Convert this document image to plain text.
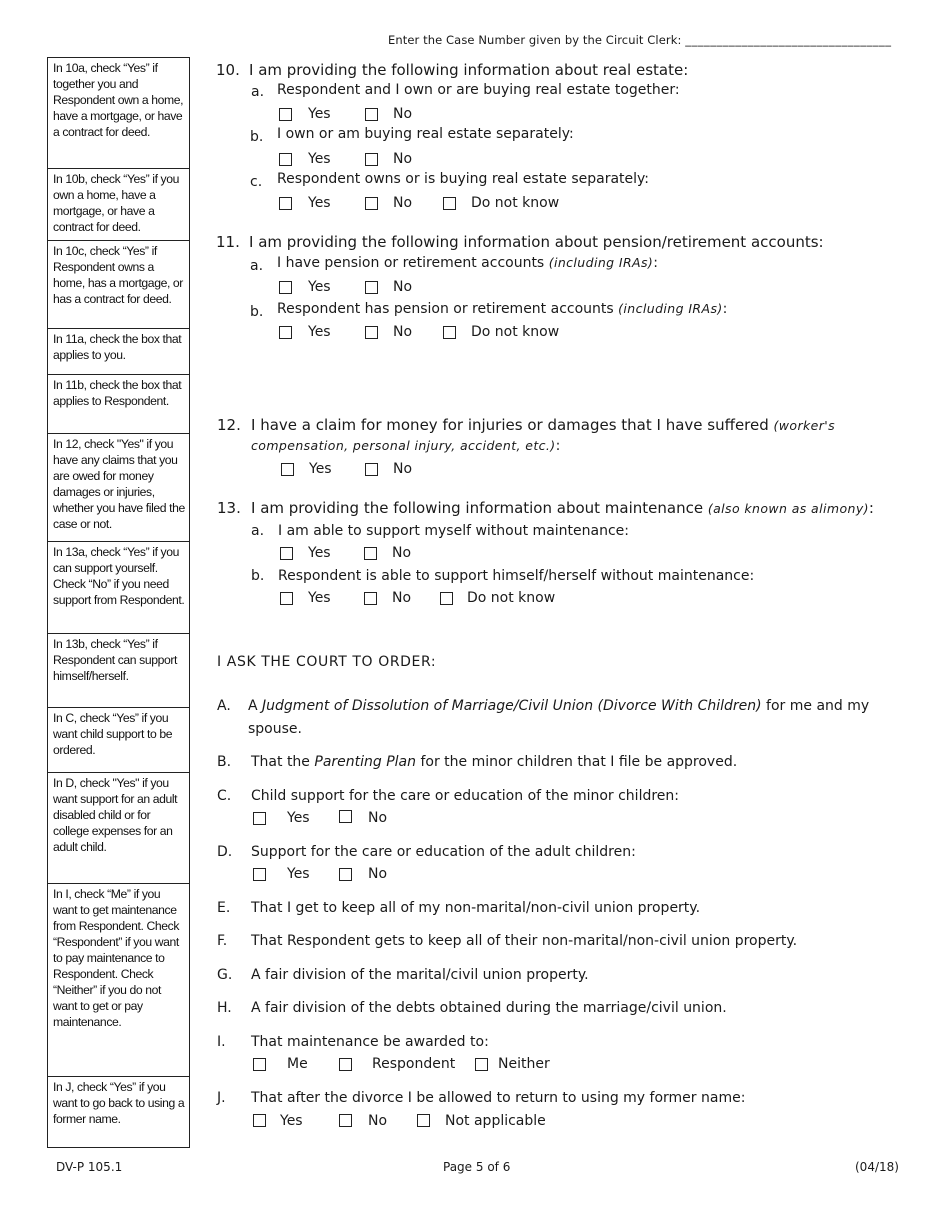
Enter the Case Number given by the Circuit Clerk: _________________________________
In 10a, check “Yes” if together you and Respondent own a home, have a mortgage, or have a contract for deed.
In 10b, check “Yes” if you own a home, have a mortgage, or have a contract for deed.
In 10c, check “Yes” if Respondent owns a home, has a mortgage, or has a contract for deed.
In 11a, check the box that applies to you.
In 11b, check the box that applies to Respondent.
In 12, check "Yes" if you have any claims that you are owed for money damages or injuries, whether you have filed the case or not.
In 13a, check “Yes” if you can support yourself. Check “No” if you need support from Respondent.
In 13b, check “Yes” if Respondent can support himself/herself.
In C, check “Yes” if you want child support to be ordered.
In D, check "Yes" if you want support for an adult disabled child or for college expenses for an adult child.
In I, check “Me” if you want to get maintenance from Respondent. Check “Respondent” if you want to pay maintenance to Respondent. Check “Neither” if you do not want to get or pay maintenance.
In J, check “Yes” if you want to go back to using a former name.
10. I am providing the following information about real estate:
a. Respondent and I own or are buying real estate together:
Yes	No
b. I own or am buying real estate separately:
Yes	No
c. Respondent owns or is buying real estate separately:
Yes	No	Do not know
11. I am providing the following information about pension/retirement accounts:
a. I have pension or retirement accounts (including IRAs):
Yes	No
b. Respondent has pension or retirement accounts (including IRAs):
Yes	No	Do not know
12. I have a claim for money for injuries or damages that I have suffered (worker's
compensation, personal injury, accident, etc.):
Yes	No
13. I am providing the following information about maintenance (also known as alimony):
a. I am able to support myself without maintenance:
Yes	No
b. Respondent is able to support himself/herself without maintenance:
Yes	No	Do not know
I ASK THE COURT TO ORDER:
A. A Judgment of Dissolution of Marriage/Civil Union (Divorce With Children) for me and my
spouse.
B. That the Parenting Plan for the minor children that I file be approved.
C. Child support for the care or education of the minor children:
Yes	No
D. Support for the care or education of the adult children:
Yes	No
E. That I get to keep all of my non-marital/non-civil union property.
F. That Respondent gets to keep all of their non-marital/non-civil union property.
G. A fair division of the marital/civil union property.
H. A fair division of the debts obtained during the marriage/civil union.
I. That maintenance be awarded to:
Me	Respondent	Neither
J. That after the divorce I be allowed to return to using my former name:
Yes	No	Not applicable
DV-P 105.1	Page 5 of 6	(04/18)
